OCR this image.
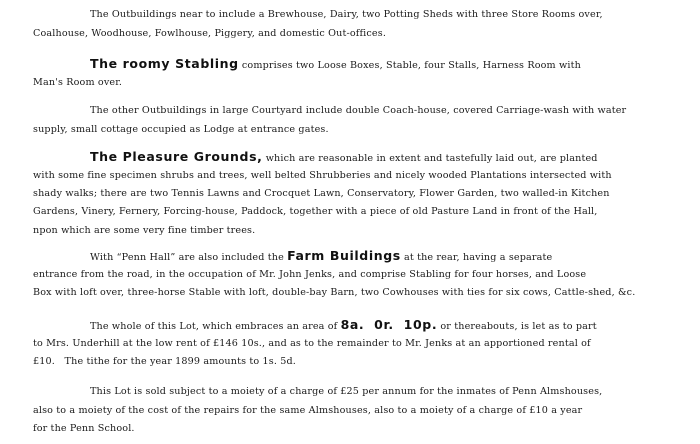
The Outbuildings near to include a Brewhouse, Dairy, two Potting Sheds with three Store Rooms over,
Coalhouse, Woodhouse, Fowlhouse, Piggery, and domestic Out-offices.
The roomy Stabling comprises two Loose Boxes, Stable, four Stalls, Harness Room with
Man's Room over.
The other Outbuildings in large Courtyard include double Coach-house, covered Carriage-wash with water
supply, small cottage occupied as Lodge at entrance gates.
The Pleasure Grounds, which are reasonable in extent and tastefully laid out, are planted
with some fine specimen shrubs and trees, well belted Shrubberies and nicely wooded Plantations intersected with
shady walks; there are two Tennis Lawns and Crocquet Lawn, Conservatory, Flower Garden, two walled-in Kitchen
Gardens, Vinery, Fernery, Forcing-house, Paddock, together with a piece of old Pasture Land in front of the Hall,
npon which are some very fine timber trees.
With “Penn Hall” are also included the Farm Buildings at the rear, having a separate
entrance from the road, in the occupation of Mr. John Jenks, and comprise Stabling for four horses, and Loose
Box with loft over, three-horse Stable with loft, double-bay Barn, two Cowhouses with ties for six cows, Cattle-shed, &c.
The whole of this Lot, which embraces an area of 8a.  0r.  10p. or thereabouts, is let as to part
to Mrs. Underhill at the low rent of £146 10s., and as to the remainder to Mr. Jenks at an apportioned rental of
£10.   The tithe for the year 1899 amounts to 1s. 5d.
This Lot is sold subject to a moiety of a charge of £25 per annum for the inmates of Penn Almshouses,
also to a moiety of the cost of the repairs for the same Almshouses, also to a moiety of a charge of £10 a year
for the Penn School.
